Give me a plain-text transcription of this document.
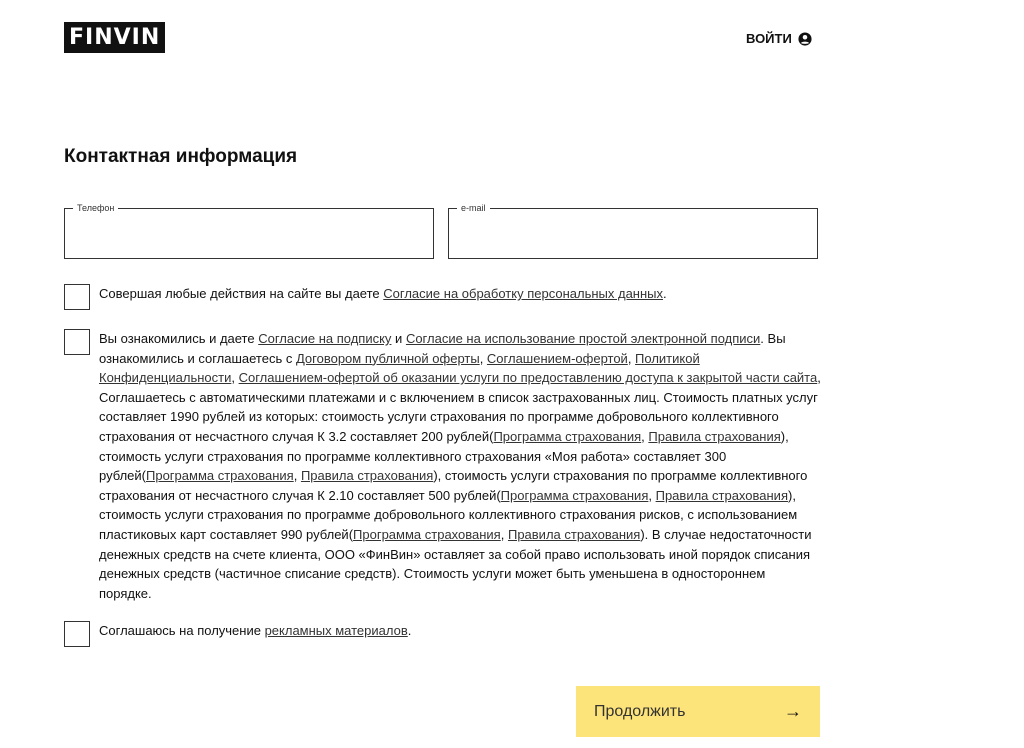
FINVIN	ВОЙТИ
Контактная информация
Телефон	e-mail
Совершая любые действия на сайте вы даете Согласие на обработку персональных данных.
Вы ознакомились и даете Согласие на подписку и Согласие на использование простой электронной подписи. Вы ознакомились и соглашаетесь с Договором публичной оферты, Соглашением-офертой, Политикой Конфиденциальности, Соглашением-офертой об оказании услуги по предоставлению доступа к закрытой части сайта, Соглашаетесь с автоматическими платежами и с включением в список застрахованных лиц. Стоимость платных услуг составляет 1990 рублей из которых: стоимость услуги страхования по программе добровольного коллективного страхования от несчастного случая К 3.2 составляет 200 рублей(Программа страхования, Правила страхования), стоимость услуги страхования по программе коллективного страхования «Моя работа» составляет 300 рублей(Программа страхования, Правила страхования), стоимость услуги страхования по программе коллективного страхования от несчастного случая К 2.10 составляет 500 рублей(Программа страхования, Правила страхования), стоимость услуги страхования по программе добровольного коллективного страхования рисков, с использованием пластиковых карт составляет 990 рублей(Программа страхования, Правила страхования). В случае недостаточности денежных средств на счете клиента, ООО «ФинВин» оставляет за собой право использовать иной порядок списания денежных средств (частичное списание средств). Стоимость услуги может быть уменьшена в одностороннем порядке.
Соглашаюсь на получение рекламных материалов.
Продолжить	→
